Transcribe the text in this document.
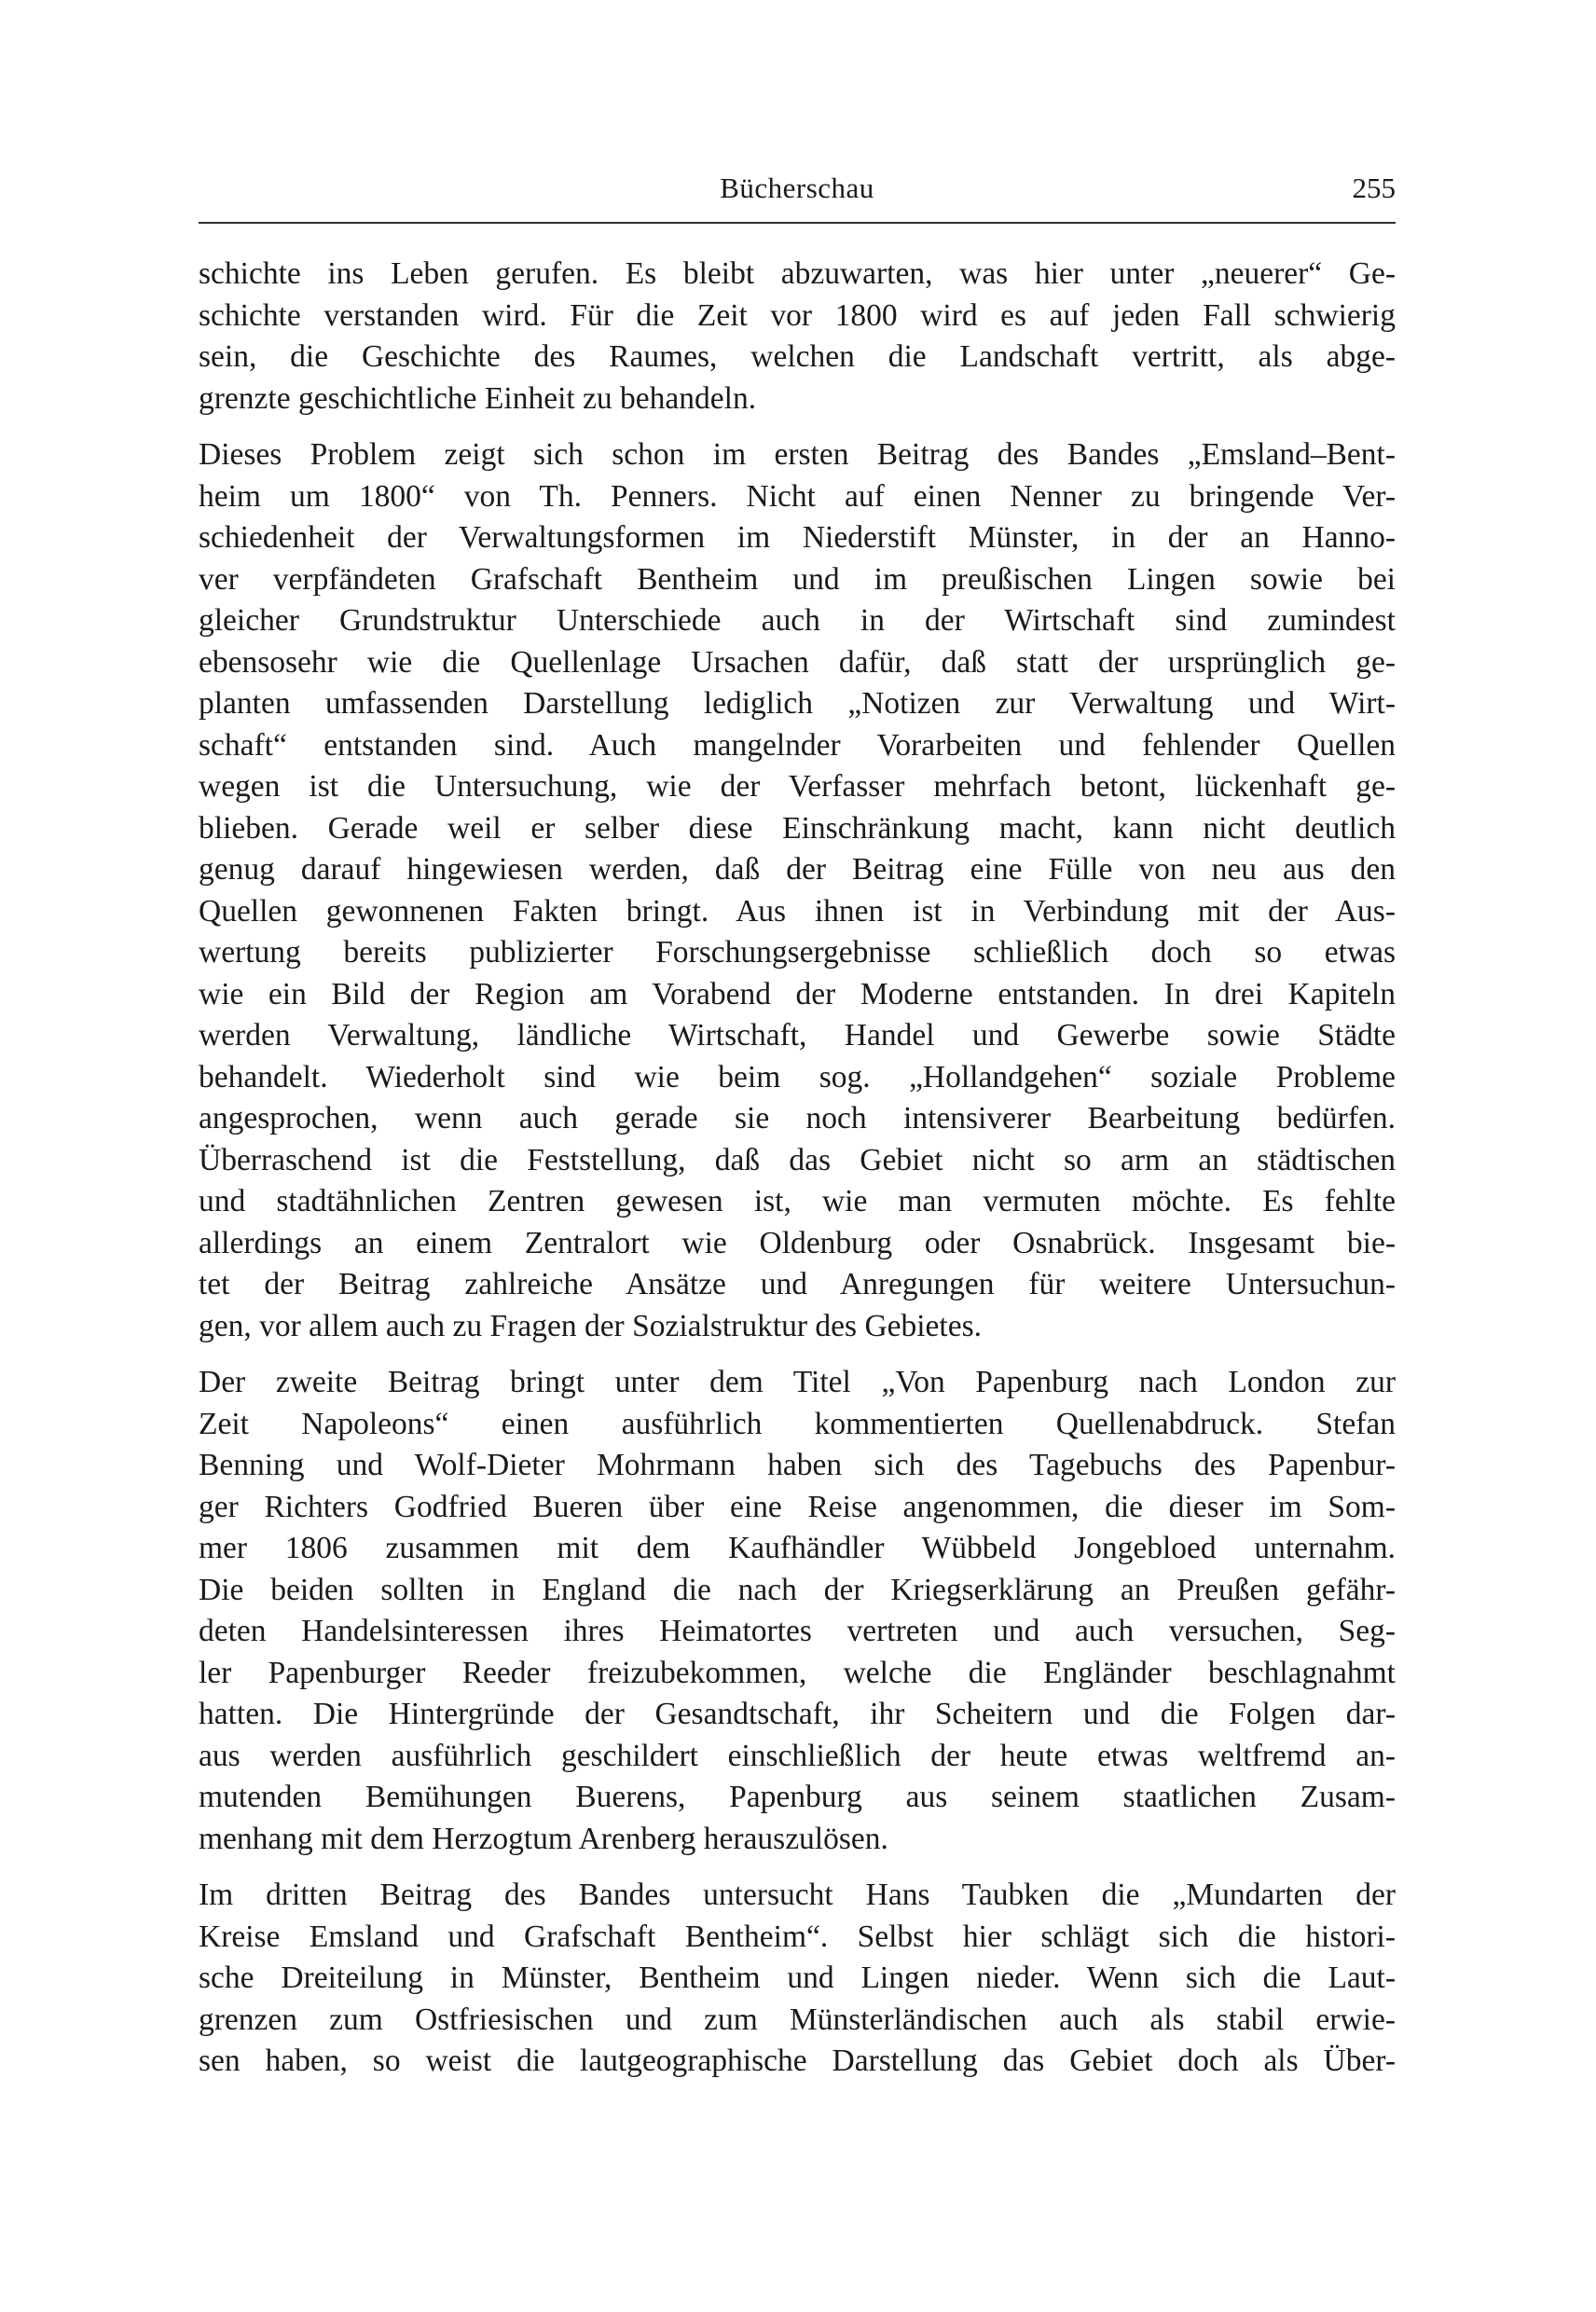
Bücherschau	255
schichte ins Leben gerufen. Es bleibt abzuwarten, was hier unter „neuerer“ Ge-
schichte verstanden wird. Für die Zeit vor 1800 wird es auf jeden Fall schwierig
sein, die Geschichte des Raumes, welchen die Landschaft vertritt, als abge-
grenzte geschichtliche Einheit zu behandeln.
Dieses Problem zeigt sich schon im ersten Beitrag des Bandes „Emsland–Bent-
heim um 1800“ von Th. Penners. Nicht auf einen Nenner zu bringende Ver-
schiedenheit der Verwaltungsformen im Niederstift Münster, in der an Hanno-
ver verpfändeten Grafschaft Bentheim und im preußischen Lingen sowie bei
gleicher Grundstruktur Unterschiede auch in der Wirtschaft sind zumindest
ebensosehr wie die Quellenlage Ursachen dafür, daß statt der ursprünglich ge-
planten umfassenden Darstellung lediglich „Notizen zur Verwaltung und Wirt-
schaft“ entstanden sind. Auch mangelnder Vorarbeiten und fehlender Quellen
wegen ist die Untersuchung, wie der Verfasser mehrfach betont, lückenhaft ge-
blieben. Gerade weil er selber diese Einschränkung macht, kann nicht deutlich
genug darauf hingewiesen werden, daß der Beitrag eine Fülle von neu aus den
Quellen gewonnenen Fakten bringt. Aus ihnen ist in Verbindung mit der Aus-
wertung bereits publizierter Forschungsergebnisse schließlich doch so etwas
wie ein Bild der Region am Vorabend der Moderne entstanden. In drei Kapiteln
werden Verwaltung, ländliche Wirtschaft, Handel und Gewerbe sowie Städte
behandelt. Wiederholt sind wie beim sog. „Hollandgehen“ soziale Probleme
angesprochen, wenn auch gerade sie noch intensiverer Bearbeitung bedürfen.
Überraschend ist die Feststellung, daß das Gebiet nicht so arm an städtischen
und stadtähnlichen Zentren gewesen ist, wie man vermuten möchte. Es fehlte
allerdings an einem Zentralort wie Oldenburg oder Osnabrück. Insgesamt bie-
tet der Beitrag zahlreiche Ansätze und Anregungen für weitere Untersuchun-
gen, vor allem auch zu Fragen der Sozialstruktur des Gebietes.
Der zweite Beitrag bringt unter dem Titel „Von Papenburg nach London zur
Zeit Napoleons“ einen ausführlich kommentierten Quellenabdruck. Stefan
Benning und Wolf-Dieter Mohrmann haben sich des Tagebuchs des Papenbur-
ger Richters Godfried Bueren über eine Reise angenommen, die dieser im Som-
mer 1806 zusammen mit dem Kaufhändler Wübbeld Jongebloed unternahm.
Die beiden sollten in England die nach der Kriegserklärung an Preußen gefähr-
deten Handelsinteressen ihres Heimatortes vertreten und auch versuchen, Seg-
ler Papenburger Reeder freizubekommen, welche die Engländer beschlagnahmt
hatten. Die Hintergründe der Gesandtschaft, ihr Scheitern und die Folgen dar-
aus werden ausführlich geschildert einschließlich der heute etwas weltfremd an-
mutenden Bemühungen Buerens, Papenburg aus seinem staatlichen Zusam-
menhang mit dem Herzogtum Arenberg herauszulösen.
Im dritten Beitrag des Bandes untersucht Hans Taubken die „Mundarten der
Kreise Emsland und Grafschaft Bentheim“. Selbst hier schlägt sich die histori-
sche Dreiteilung in Münster, Bentheim und Lingen nieder. Wenn sich die Laut-
grenzen zum Ostfriesischen und zum Münsterländischen auch als stabil erwie-
sen haben, so weist die lautgeographische Darstellung das Gebiet doch als Über-
